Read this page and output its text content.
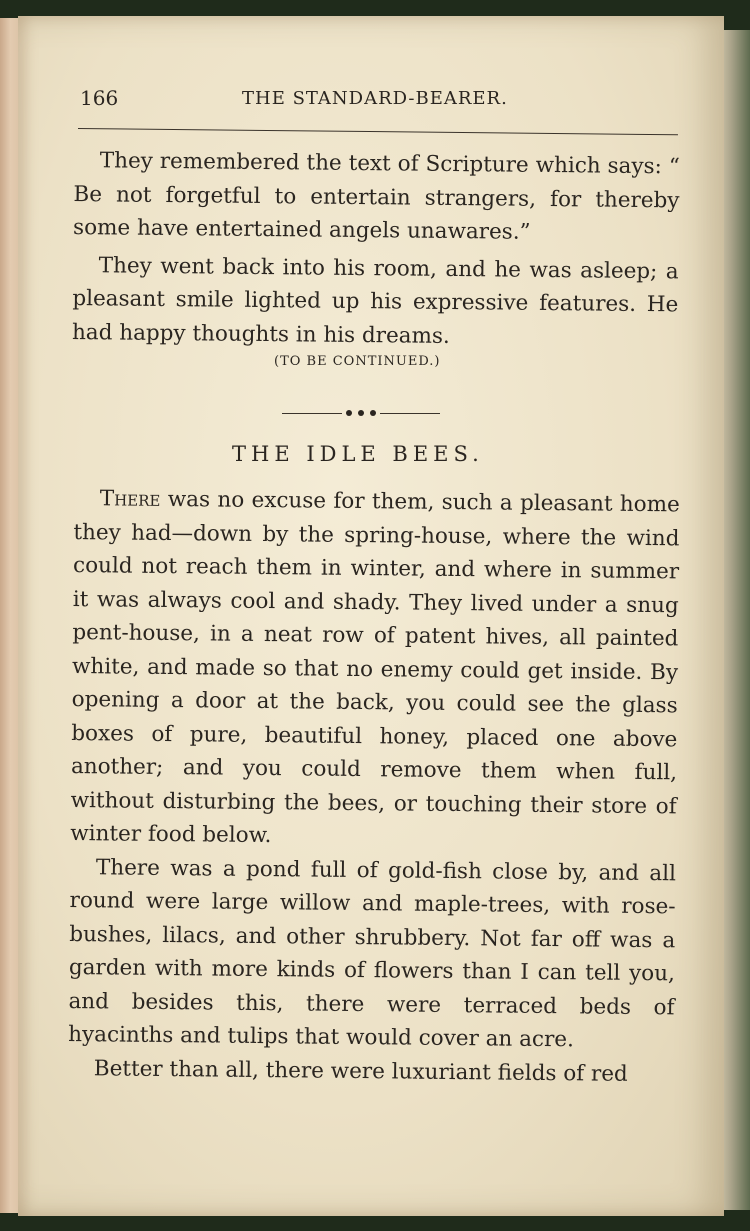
166	THE STANDARD-BEARER.

They remembered the text of Scripture which says: “ Be not forgetful to entertain strangers, for thereby some have entertained angels unawares.”

They went back into his room, and he was asleep; a pleasant smile lighted up his expressive features. He had happy thoughts in his dreams.

(TO BE CONTINUED.)
THE IDLE BEES.

There was no excuse for them, such a pleasant home they had—down by the spring-house, where the wind could not reach them in winter, and where in summer it was always cool and shady. They lived under a snug pent-house, in a neat row of patent hives, all painted white, and made so that no enemy could get inside. By opening a door at the back, you could see the glass boxes of pure, beautiful honey, placed one above another; and you could remove them when full, without disturbing the bees, or touching their store of winter food below.

There was a pond full of gold-fish close by, and all round were large willow and maple-trees, with rose-bushes, lilacs, and other shrubbery. Not far off was a garden with more kinds of flowers than I can tell you, and besides this, there were terraced beds of hyacinths and tulips that would cover an acre.

Better than all, there were luxuriant fields of red
